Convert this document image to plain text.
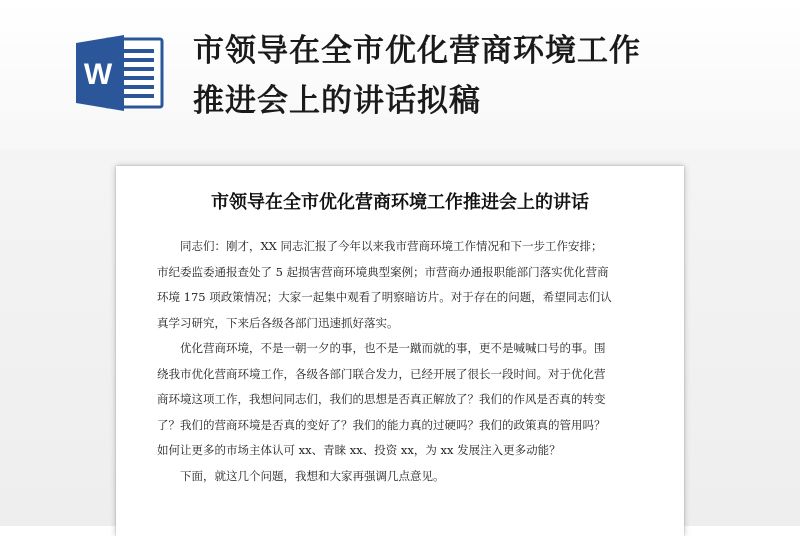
W
市领导在全市优化营商环境工作
推进会上的讲话拟稿
市领导在全市优化营商环境工作推进会上的讲话
同志们：刚才，XX 同志汇报了今年以来我市营商环境工作情况和下一步工作安排；
市纪委监委通报查处了 5 起损害营商环境典型案例；市营商办通报职能部门落实优化营商
环境 175 项政策情况；大家一起集中观看了明察暗访片。对于存在的问题，希望同志们认
真学习研究，下来后各级各部门迅速抓好落实。
优化营商环境，不是一朝一夕的事，也不是一蹴而就的事，更不是喊喊口号的事。围
绕我市优化营商环境工作，各级各部门联合发力，已经开展了很长一段时间。对于优化营
商环境这项工作，我想问同志们，我们的思想是否真正解放了？我们的作风是否真的转变
了？我们的营商环境是否真的变好了？我们的能力真的过硬吗？我们的政策真的管用吗？
如何让更多的市场主体认可 xx、青睐 xx、投资 xx，为 xx 发展注入更多动能？
下面，就这几个问题，我想和大家再强调几点意见。
